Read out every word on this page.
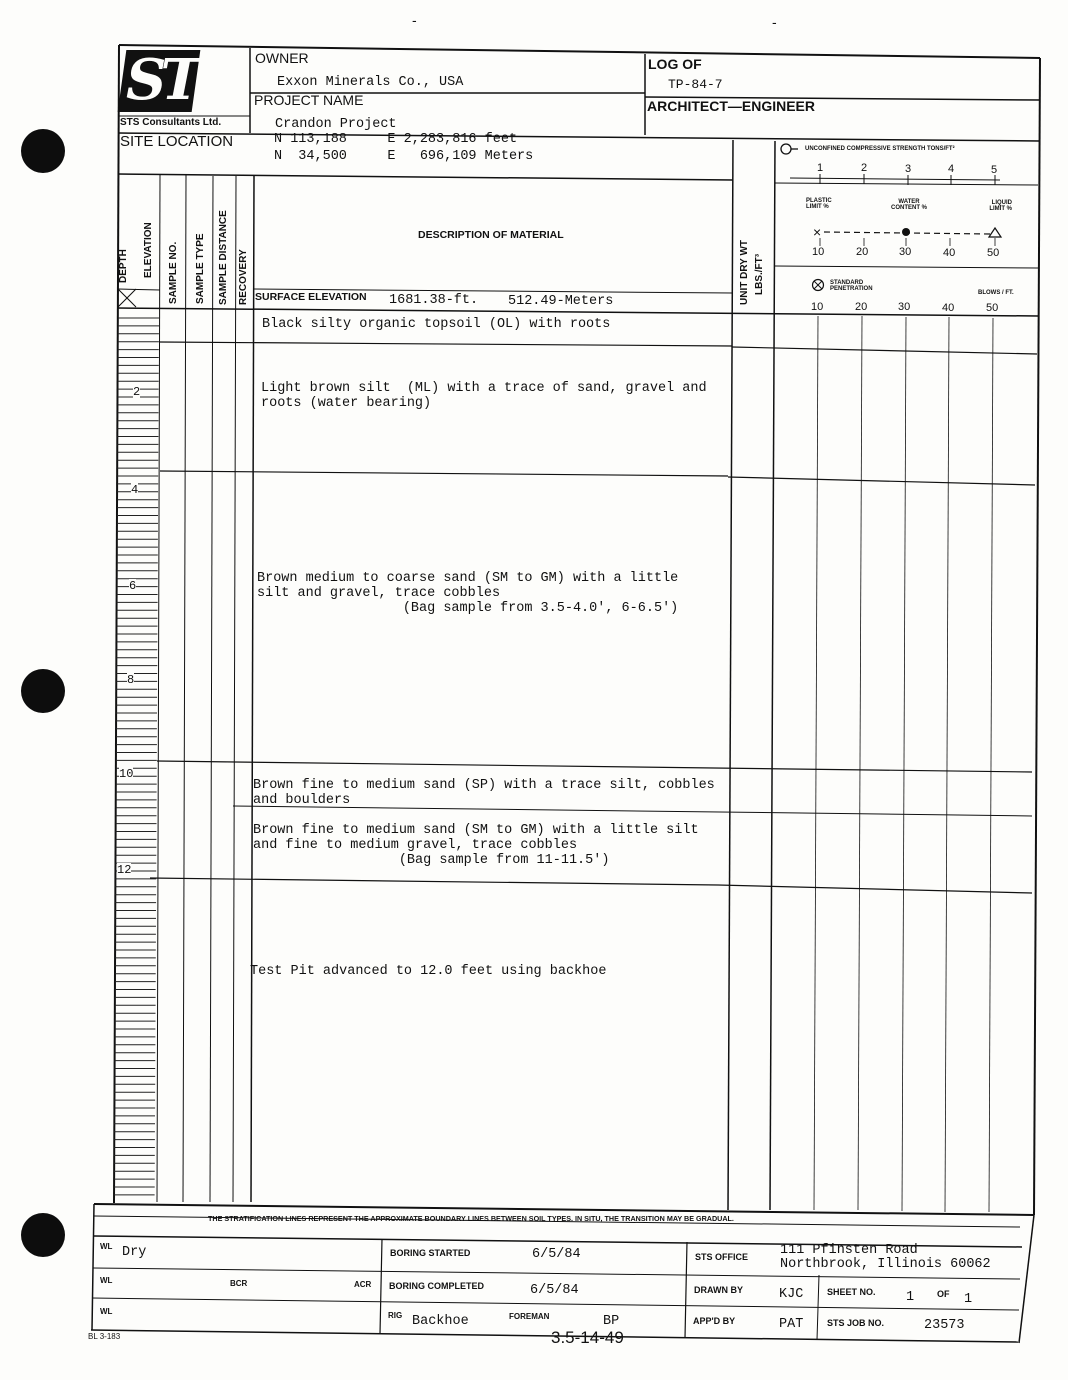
-	-
STS
STS Consultants Ltd.
OWNER
Exxon Minerals Co., USA
PROJECT NAME
Crandon Project
LOG OF
TP-84-7
ARCHITECT—ENGINEER
SITE LOCATION	N 113,188     E 2,283,816 feet
N  34,500     E   696,109 Meters
DEPTH ELEVATION SAMPLE NO. SAMPLE TYPE SAMPLE DISTANCE RECOVERY	UNIT DRY WT LBS./FT³
DESCRIPTION OF MATERIAL
SURFACE ELEVATION 1681.38-ft. 512.49-Meters
UNCONFINED COMPRESSIVE STRENGTH TONS/FT²
1	2	3	4	5
PLASTIC LIMIT %
WATER CONTENT %
LIQUID LIMIT %
×
10	20	30	40	50
STANDARD PENETRATION
BLOWS / FT.
10	20	30	40	50
2
4
6
8
10
12
Black silty organic topsoil (OL) with roots
Light brown silt  (ML) with a trace of sand, gravel and
roots (water bearing)
Brown medium to coarse sand (SM to GM) with a little
silt and gravel, trace cobbles
(Bag sample from 3.5-4.0', 6-6.5')
Brown fine to medium sand (SP) with a trace silt, cobbles
and boulders
Brown fine to medium sand (SM to GM) with a little silt
and fine to medium gravel, trace cobbles
(Bag sample from 11-11.5')
Test Pit advanced to 12.0 feet using backhoe
THE STRATIFICATION LINES REPRESENT THE APPROXIMATE BOUNDARY LINES BETWEEN SOIL TYPES. IN SITU, THE TRANSITION MAY BE GRADUAL.
WL Dry
WL	BCR	ACR
WL
BORING STARTED	6/5/84
BORING COMPLETED	6/5/84
RIG Backhoe	FOREMAN	BP
STS OFFICE 111 Pfinsten Road
Northbrook, Illinois 60062
DRAWN BY	KJC	SHEET NO. 1	OF 1
APP'D BY	PAT	STS JOB NO.	23573
BL 3-183	3.5-14-49
